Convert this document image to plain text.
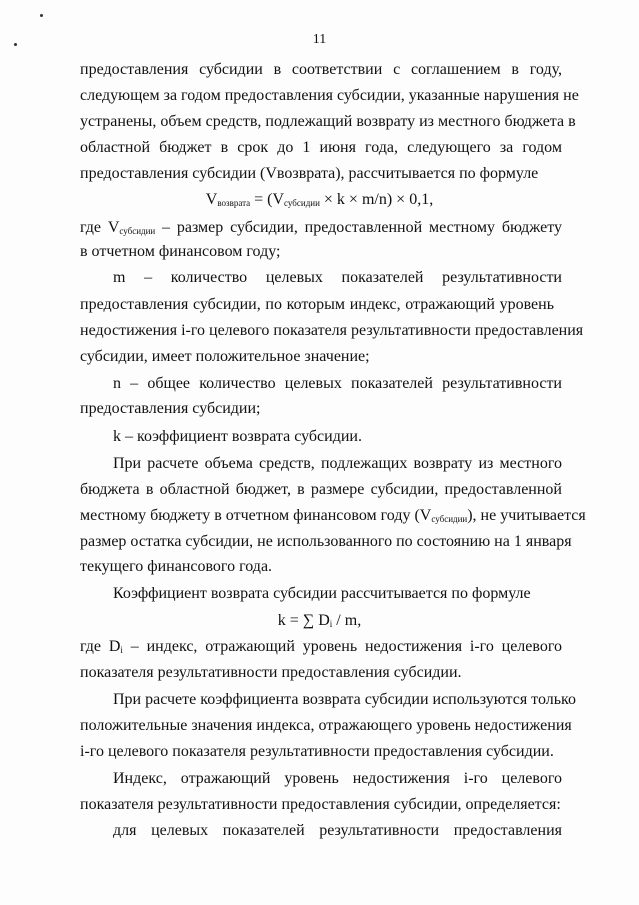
11
предоставления субсидии в соответствии с соглашением в году,
следующем за годом предоставления субсидии, указанные нарушения не
устранены, объем средств, подлежащий возврату из местного бюджета в
областной бюджет в срок до 1 июня года, следующего за годом
предоставления субсидии (Vвозврата), рассчитывается по формуле
$V_{возврата} = (V_{субсидии} \times k \times m/n) \times 0,1$,
где $V_{субсидии}$ – размер субсидии, предоставленной местному бюджету
в отчетном финансовом году;
m – количество целевых показателей результативности
предоставления субсидии, по которым индекс, отражающий уровень
недостижения i-го целевого показателя результативности предоставления
субсидии, имеет положительное значение;
n – общее количество целевых показателей результативности
предоставления субсидии;
k – коэффициент возврата субсидии.
При расчете объема средств, подлежащих возврату из местного
бюджета в областной бюджет, в размере субсидии, предоставленной
местному бюджету в отчетном финансовом году $(V_{субсидии})$, не учитывается
размер остатка субсидии, не использованного по состоянию на 1 января
текущего финансового года.
Коэффициент возврата субсидии рассчитывается по формуле
k = ∑ $D_i$ / m,
где $D_i$ – индекс, отражающий уровень недостижения i-го целевого
показателя результативности предоставления субсидии.
При расчете коэффициента возврата субсидии используются только
положительные значения индекса, отражающего уровень недостижения
i-го целевого показателя результативности предоставления субсидии.
Индекс, отражающий уровень недостижения i-го целевого
показателя результативности предоставления субсидии, определяется:
для целевых показателей результативности предоставления
